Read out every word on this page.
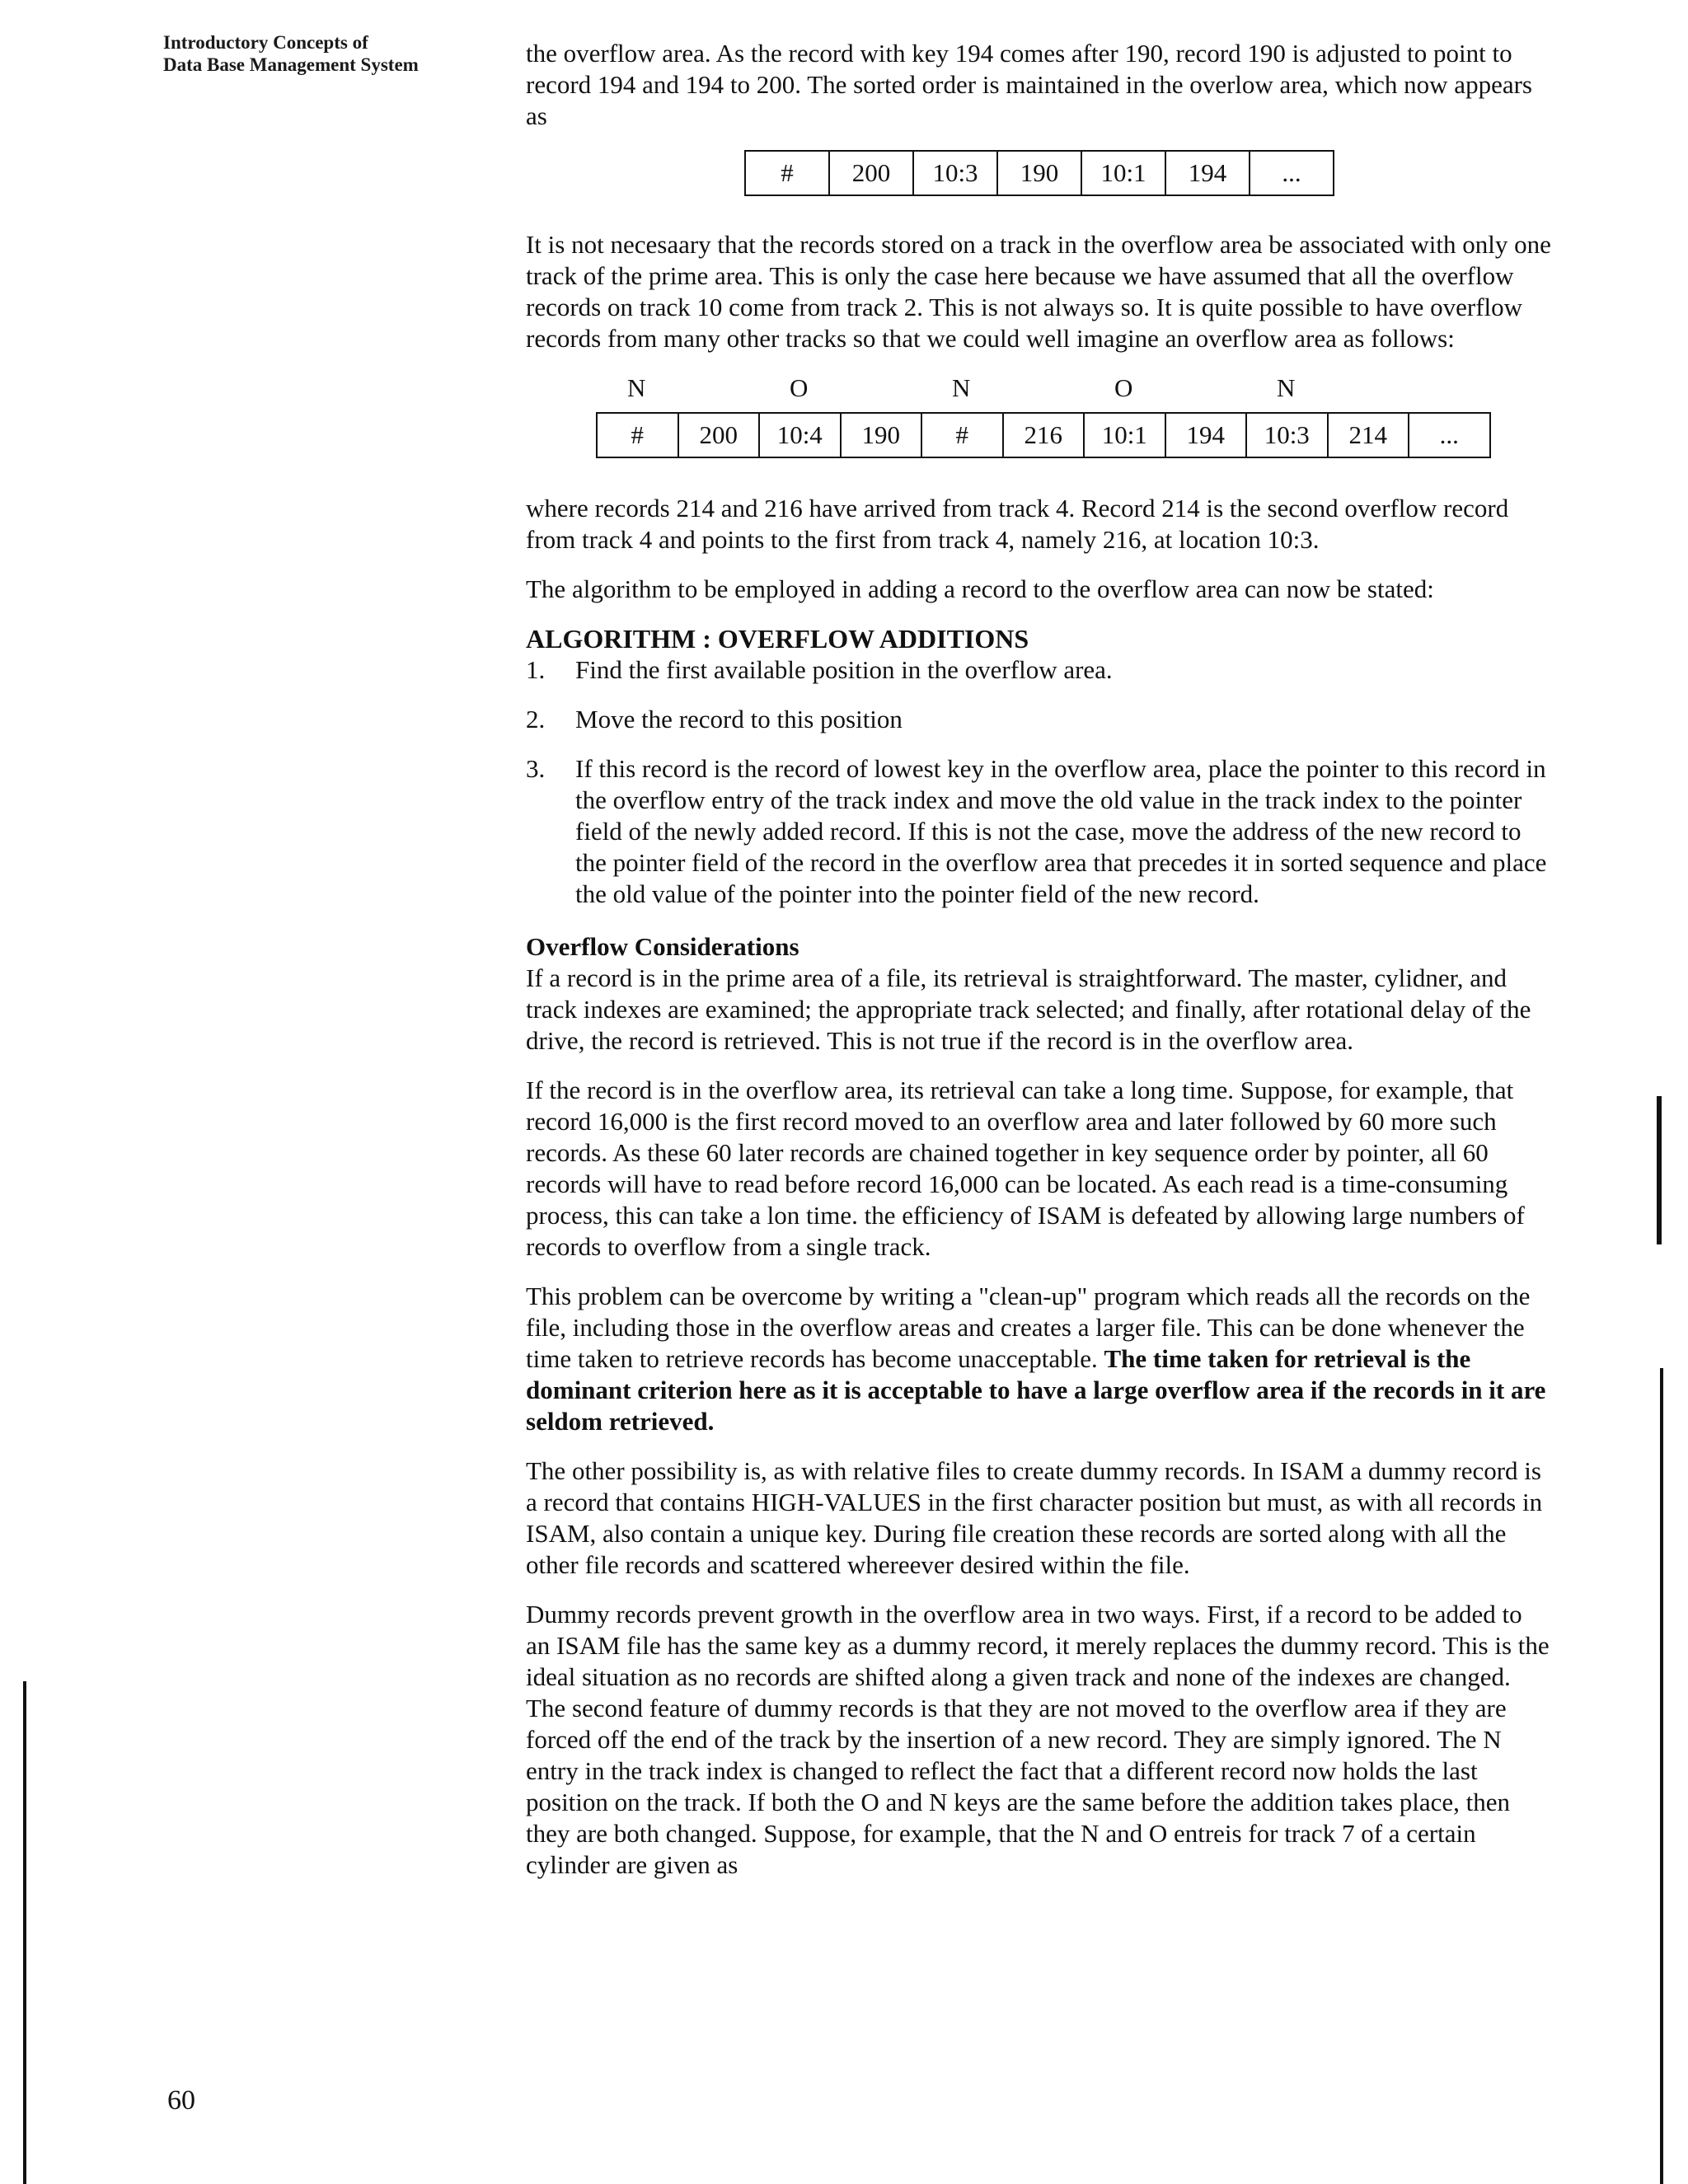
Introductory Concepts of
Data Base Management System	the overflow area. As the record with key 194 comes after 190, record 190 is adjusted to point to record 194 and 194 to 200. The sorted order is maintained in the overlow area, which now appears as

#	200	10:3	190	10:1	194	...

It is not necesaary that the records stored on a track in the overflow area be associated with only one track of the prime area. This is only the case here because we have assumed that all the overflow records on track 10 come from track 2. This is not always so. It is quite possible to have overflow records from many other tracks so that we could well imagine an overflow area as follows:

N	O	N	O	N
#	200	10:4	190	#	216	10:1	194	10:3	214	...

where records 214 and 216 have arrived from track 4. Record 214 is the second overflow record from track 4 and points to the first from track 4, namely 216, at location 10:3.

The algorithm to be employed in adding a record to the overflow area can now be stated:

ALGORITHM : OVERFLOW ADDITIONS
1.	Find the first available position in the overflow area.
2.	Move the record to this position
3.	If this record is the record of lowest key in the overflow area, place the pointer to this record in the overflow entry of the track index and move the old value in the track index to the pointer field of the newly added record. If this is not the case, move the address of the new record to the pointer field of the record in the overflow area that precedes it in sorted sequence and place the old value of the pointer into the pointer field of the new record.
Overflow Considerations

If a record is in the prime area of a file, its retrieval is straightforward. The master, cylidner, and track indexes are examined; the appropriate track selected; and finally, after rotational delay of the drive, the record is retrieved. This is not true if the record is in the overflow area.

If the record is in the overflow area, its retrieval can take a long time. Suppose, for example, that record 16,000 is the first record moved to an overflow area and later followed by 60 more such records. As these 60 later records are chained together in key sequence order by pointer, all 60 records will have to read before record 16,000 can be located. As each read is a time-consuming process, this can take a lon time. the efficiency of ISAM is defeated by allowing large numbers of records to overflow from a single track.

This problem can be overcome by writing a "clean-up" program which reads all the records on the file, including those in the overflow areas and creates a larger file. This can be done whenever the time taken to retrieve records has become unacceptable. The time taken for retrieval is the dominant criterion here as it is acceptable to have a large overflow area if the records in it are seldom retrieved.

The other possibility is, as with relative files to create dummy records. In ISAM a dummy record is a record that contains HIGH-VALUES in the first character position but must, as with all records in ISAM, also contain a unique key. During file creation these records are sorted along with all the other file records and scattered whereever desired within the file.

Dummy records prevent growth in the overflow area in two ways. First, if a record to be added to an ISAM file has the same key as a dummy record, it merely replaces the dummy record. This is the ideal situation as no records are shifted along a given track and none of the indexes are changed. The second feature of dummy records is that they are not moved to the overflow area if they are forced off the end of the track by the insertion of a new record. They are simply ignored. The N entry in the track index is changed to reflect the fact that a different record now holds the last position on the track. If both the O and N keys are the same before the addition takes place, then they are both changed. Suppose, for example, that the N and O entreis for track 7 of a certain cylinder are given as

60
